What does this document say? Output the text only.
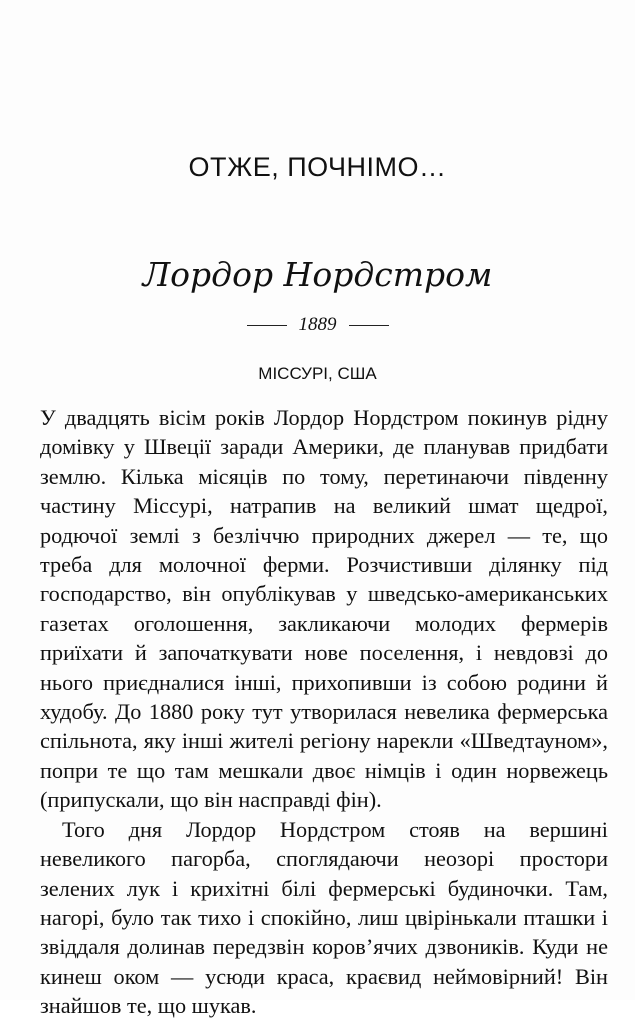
ОТЖЕ, ПОЧНІМО…
Лордор Нордстром
1889
МІССУРІ, США

У двадцять вісім років Лордор Нордстром покинув рідну домівку у Швеції заради Америки, де планував придбати землю. Кілька місяців по тому, перетинаючи південну частину Міссурі, натрапив на великий шмат щедрої, родючої землі з безліччю природних джерел — те, що треба для молочної ферми. Розчистивши ділянку під господарство, він опублікував у шведсько-американських газетах оголошення, закликаючи молодих фермерів приїхати й започаткувати нове поселення, і невдовзі до нього приєдналися інші, прихопивши із собою родини й худобу. До 1880 року тут утворилася невелика фермерська спільнота, яку інші жителі регіону нарекли «Шведтауном», попри те що там мешкали двоє німців і один норвежець (припускали, що він насправді фін).

Того дня Лордор Нордстром стояв на вершині невеликого пагорба, споглядаючи неозорі простори зелених лук і крихітні білі фермерські будиночки. Там, нагорі, було так тихо і спокійно, лиш цвірінькали пташки і звіддаля долинав передзвін коров’ячих дзвоників. Куди не кинеш оком — усюди краса, краєвид неймовірний! Він знайшов те, що шукав.
